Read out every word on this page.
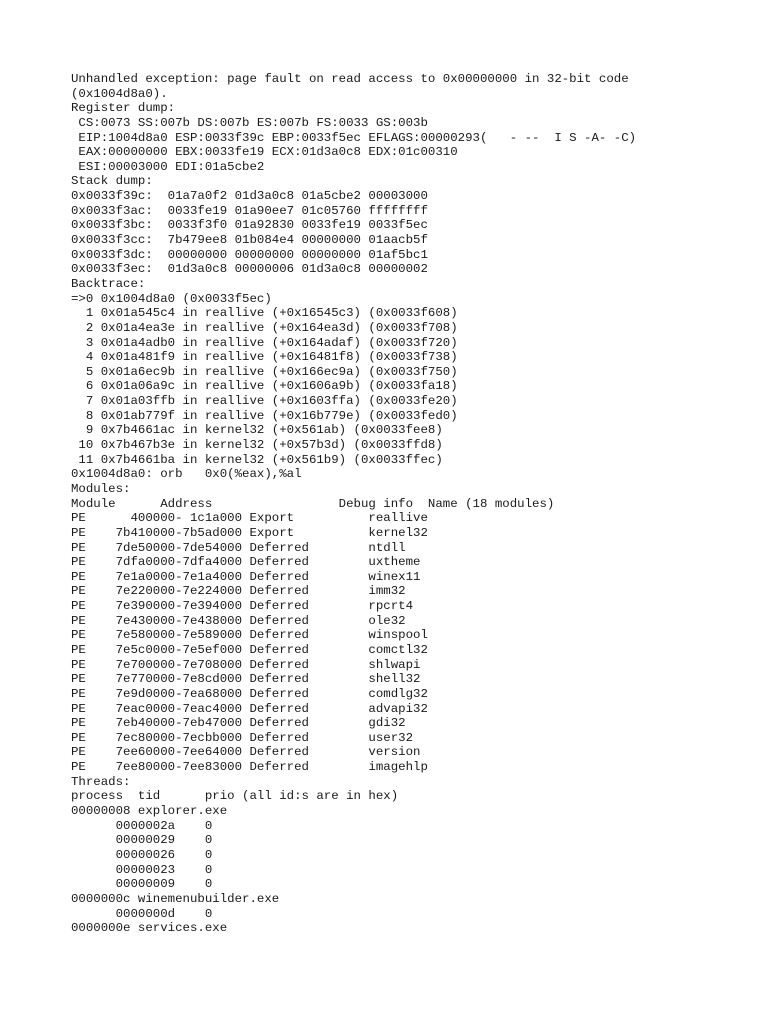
Unhandled exception: page fault on read access to 0x00000000 in 32-bit code
(0x1004d8a0).
Register dump:
CS:0073 SS:007b DS:007b ES:007b FS:0033 GS:003b
EIP:1004d8a0 ESP:0033f39c EBP:0033f5ec EFLAGS:00000293(   - --  I S -A- -C)
EAX:00000000 EBX:0033fe19 ECX:01d3a0c8 EDX:01c00310
ESI:00003000 EDI:01a5cbe2
Stack dump:
0x0033f39c:  01a7a0f2 01d3a0c8 01a5cbe2 00003000
0x0033f3ac:  0033fe19 01a90ee7 01c05760 ffffffff
0x0033f3bc:  0033f3f0 01a92830 0033fe19 0033f5ec
0x0033f3cc:  7b479ee8 01b084e4 00000000 01aacb5f
0x0033f3dc:  00000000 00000000 00000000 01af5bc1
0x0033f3ec:  01d3a0c8 00000006 01d3a0c8 00000002
Backtrace:
=>0 0x1004d8a0 (0x0033f5ec)
1 0x01a545c4 in reallive (+0x16545c3) (0x0033f608)
2 0x01a4ea3e in reallive (+0x164ea3d) (0x0033f708)
3 0x01a4adb0 in reallive (+0x164adaf) (0x0033f720)
4 0x01a481f9 in reallive (+0x16481f8) (0x0033f738)
5 0x01a6ec9b in reallive (+0x166ec9a) (0x0033f750)
6 0x01a06a9c in reallive (+0x1606a9b) (0x0033fa18)
7 0x01a03ffb in reallive (+0x1603ffa) (0x0033fe20)
8 0x01ab779f in reallive (+0x16b779e) (0x0033fed0)
9 0x7b4661ac in kernel32 (+0x561ab) (0x0033fee8)
10 0x7b467b3e in kernel32 (+0x57b3d) (0x0033ffd8)
11 0x7b4661ba in kernel32 (+0x561b9) (0x0033ffec)
0x1004d8a0: orb   0x0(%eax),%al
Modules:
Module      Address                 Debug info  Name (18 modules)
PE      400000- 1c1a000 Export          reallive
PE    7b410000-7b5ad000 Export          kernel32
PE    7de50000-7de54000 Deferred        ntdll
PE    7dfa0000-7dfa4000 Deferred        uxtheme
PE    7e1a0000-7e1a4000 Deferred        winex11
PE    7e220000-7e224000 Deferred        imm32
PE    7e390000-7e394000 Deferred        rpcrt4
PE    7e430000-7e438000 Deferred        ole32
PE    7e580000-7e589000 Deferred        winspool
PE    7e5c0000-7e5ef000 Deferred        comctl32
PE    7e700000-7e708000 Deferred        shlwapi
PE    7e770000-7e8cd000 Deferred        shell32
PE    7e9d0000-7ea68000 Deferred        comdlg32
PE    7eac0000-7eac4000 Deferred        advapi32
PE    7eb40000-7eb47000 Deferred        gdi32
PE    7ec80000-7ecbb000 Deferred        user32
PE    7ee60000-7ee64000 Deferred        version
PE    7ee80000-7ee83000 Deferred        imagehlp
Threads:
process  tid      prio (all id:s are in hex)
00000008 explorer.exe
0000002a    0
00000029    0
00000026    0
00000023    0
00000009    0
0000000c winemenubuilder.exe
0000000d    0
0000000e services.exe
